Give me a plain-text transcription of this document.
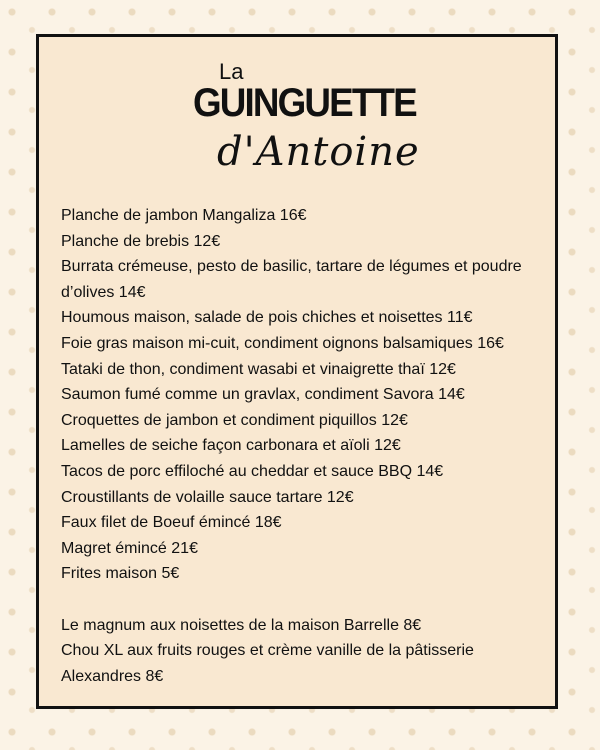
La
GUINGUETTE
d'Antoine

Planche de jambon Mangaliza 16€

Planche de brebis 12€

Burrata crémeuse, pesto de basilic, tartare de légumes et poudre d’olives 14€

Houmous maison, salade de pois chiches et noisettes 11€

Foie gras maison mi-cuit, condiment oignons balsamiques 16€

Tataki de thon, condiment wasabi et vinaigrette thaï 12€

Saumon fumé comme un gravlax, condiment Savora 14€

Croquettes de jambon et condiment piquillos 12€

Lamelles de seiche façon carbonara et aïoli 12€

Tacos de porc effiloché au cheddar et sauce BBQ 14€

Croustillants de volaille sauce tartare 12€

Faux filet de Boeuf émincé 18€

Magret émincé 21€

Frites maison 5€

Le magnum aux noisettes de la maison Barrelle 8€

Chou XL aux fruits rouges et crème vanille de la pâtisserie Alexandres 8€
